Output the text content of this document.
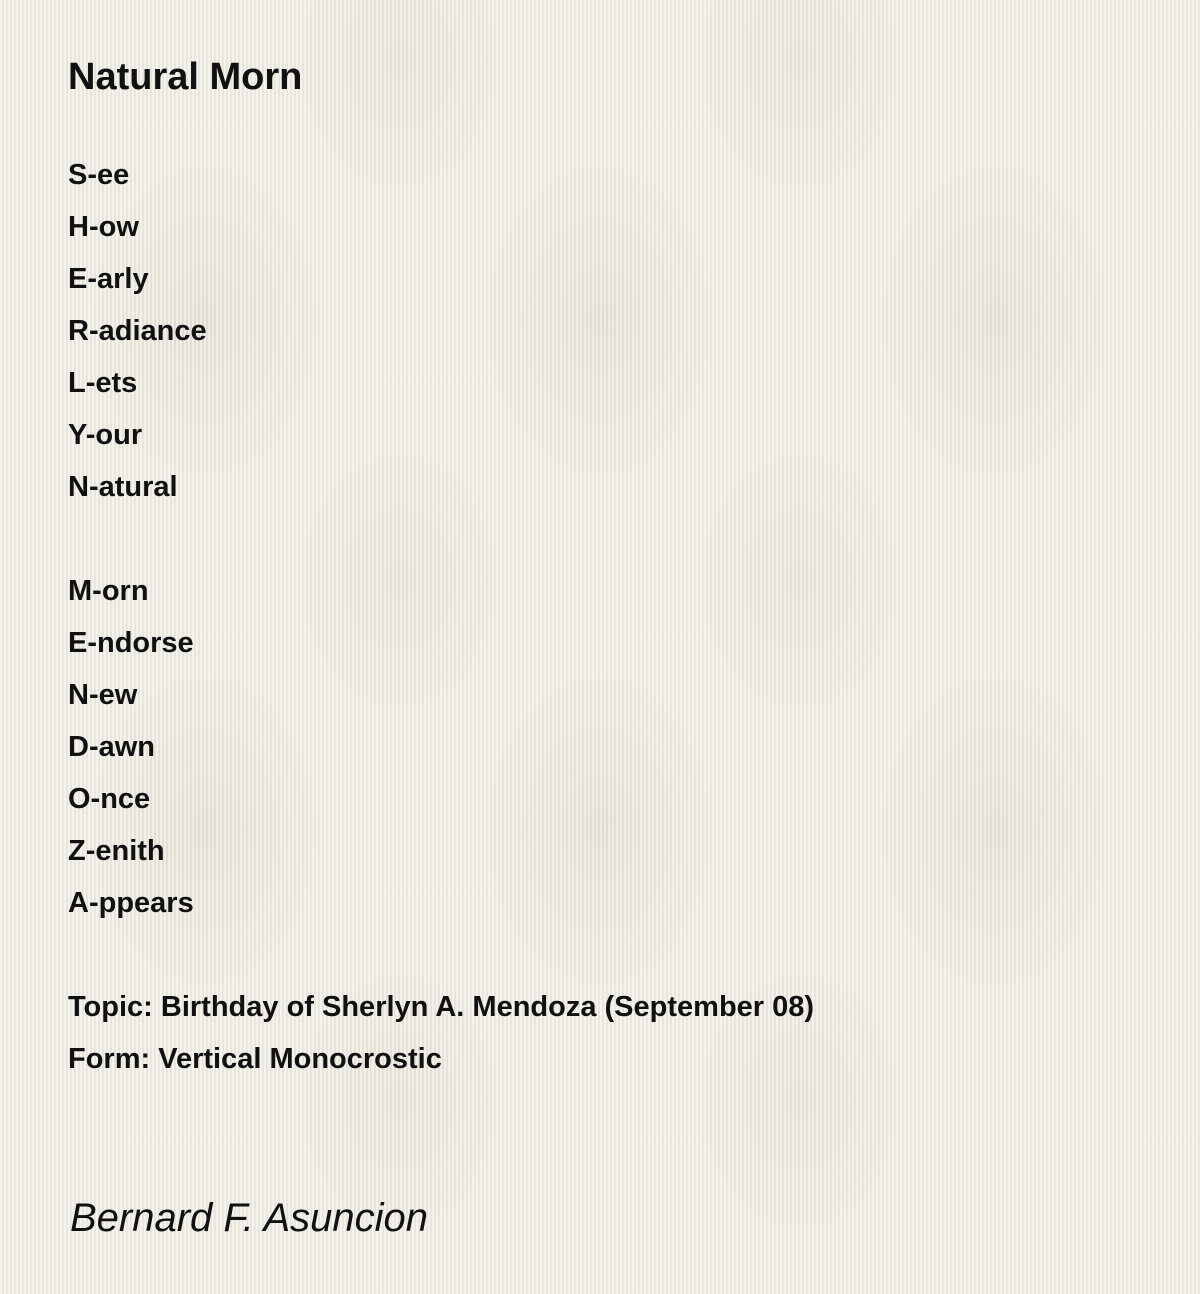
Natural Morn
S-ee
H-ow
E-arly
R-adiance
L-ets
Y-our
N-atural
M-orn
E-ndorse
N-ew
D-awn
O-nce
Z-enith
A-ppears
Topic: Birthday of Sherlyn A. Mendoza (September 08)
Form: Vertical Monocrostic
Bernard F. Asuncion
